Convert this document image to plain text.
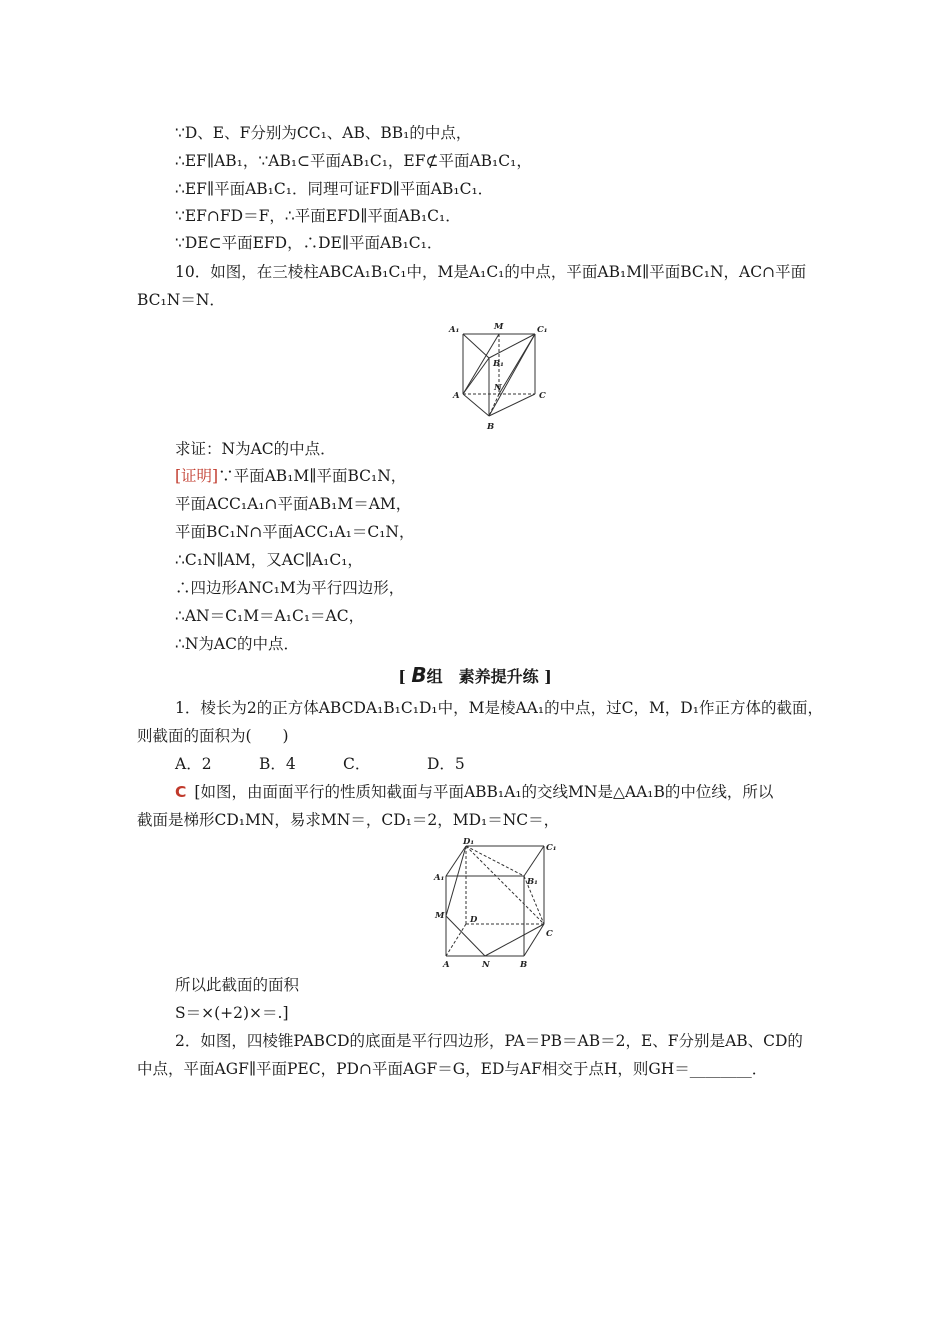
∵D、E、F分别为CC₁、AB、BB₁的中点，
∴EF∥AB₁，∵AB₁⊂平面AB₁C₁，EF⊄平面AB₁C₁，
∴EF∥平面AB₁C₁．同理可证FD∥平面AB₁C₁．
∵EF∩FD＝F，∴平面EFD∥平面AB₁C₁．
∵DE⊂平面EFD，∴DE∥平面AB₁C₁．
10．如图，在三棱柱ABCA₁B₁C₁中，M是A₁C₁的中点，平面AB₁M∥平面BC₁N，AC∩平面
BC₁N＝N．
A₁	M	C₁
B₁
N
A	C
B
求证：N为AC的中点．
[证明]∵平面AB₁M∥平面BC₁N，
平面ACC₁A₁∩平面AB₁M＝AM，
平面BC₁N∩平面ACC₁A₁＝C₁N，
∴C₁N∥AM，又AC∥A₁C₁，
∴四边形ANC₁M为平行四边形，
∴AN＝C₁M＝A₁C₁＝AC，
∴N为AC的中点．
[ B组　素养提升练 ]
1．棱长为2的正方体ABCDA₁B₁C₁D₁中，M是棱AA₁的中点，过C，M，D₁作正方体的截面，
则截面的面积为(　　)
A．2	B．4	C．	D．5
C [如图，由面面平行的性质知截面与平面ABB₁A₁的交线MN是△AA₁B的中位线，所以
截面是梯形CD₁MN，易求MN＝，CD₁＝2，MD₁＝NC＝，
D₁
C₁
A₁	B₁
M	D
C
A	N	B
所以此截面的面积
S＝×(+2)×＝.]
2．如图，四棱锥PABCD的底面是平行四边形，PA＝PB＝AB＝2，E、F分别是AB、CD的
中点，平面AGF∥平面PEC，PD∩平面AGF＝G，ED与AF相交于点H，则GH＝________．
